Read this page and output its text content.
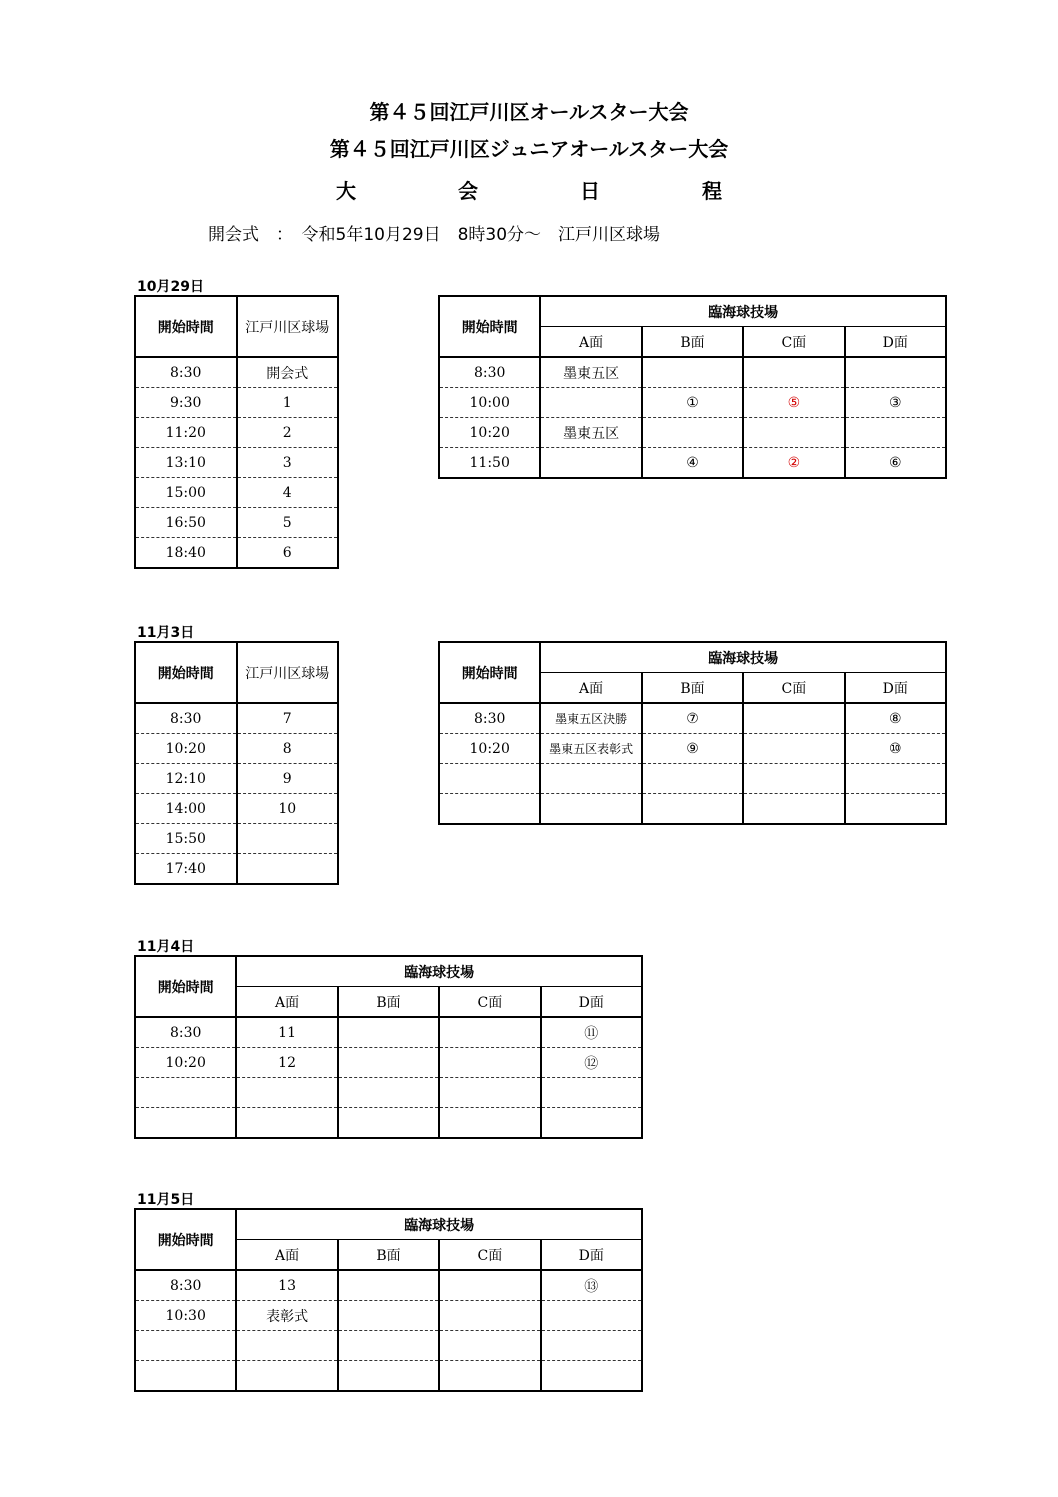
第４５回江戸川区オールスター大会
第４５回江戸川区ジュニアオールスター大会
大	会	日	程
開会式　：　令和5年10月29日　8時30分～　江戸川区球場
10月29日
開始時間	江戸川区球場
8:30	開会式
9:30	1
11:20	2
13:10	3
15:00	4
16:50	5
18:40	6
開始時間	臨海球技場			
	A面	B面	C面	D面
8:30	墨東五区			
10:00		①	⑤	③
10:20	墨東五区			
11:50		④	②	⑥
11月3日
開始時間	江戸川区球場
8:30	7
10:20	8
12:10	9
14:00	10
15:50	
17:40	
開始時間	臨海球技場			
	A面	B面	C面	D面
8:30	墨東五区決勝	⑦		⑧
10:20	墨東五区表彰式	⑨		⑩

11月4日
開始時間	臨海球技場			
	A面	B面	C面	D面
8:30	11			⑪
10:20	12			⑫

11月5日
開始時間	臨海球技場			
	A面	B面	C面	D面
8:30	13			⑬
10:30	表彰式			
